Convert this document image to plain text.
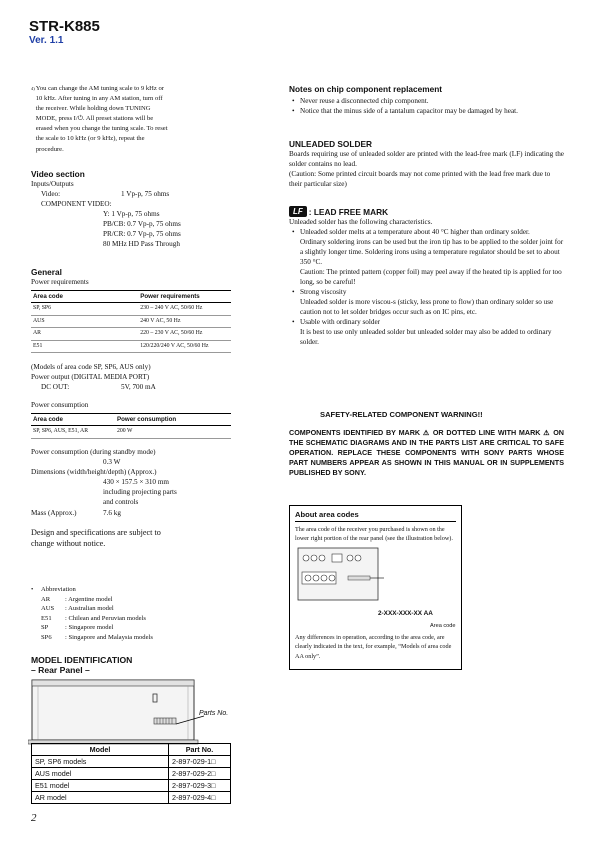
STR-K885
Ver. 1.1
4) You can change the AM tuning scale to 9 kHz or
10 kHz. After tuning in any AM station, turn off
the receiver. While holding down TUNING
MODE, press I/⏻. All preset stations will be
erased when you change the tuning scale. To reset
the scale to 10 kHz (or 9 kHz), repeat the
procedure.
Video section
Inputs/Outputs
Video:	1 Vp-p, 75 ohms
COMPONENT VIDEO:
Y: 1 Vp-p, 75 ohms
PB/CB: 0.7 Vp-p, 75 ohms
PR/CR: 0.7 Vp-p, 75 ohms
80 MHz HD Pass Through
General
Power requirements
Area code	Power requirements
SP, SP6	230 – 240 V AC, 50/60 Hz
AUS	240 V AC, 50 Hz
AR	220 – 230 V AC, 50/60 Hz
E51	120/220/240 V AC, 50/60 Hz
(Models of area code SP, SP6, AUS only)
Power output (DIGITAL MEDIA PORT)
DC OUT:	5V, 700 mA
Power consumption
Area code	Power consumption
SP, SP6, AUS, E51, AR	200 W
Power consumption (during standby mode)
0.3 W
Dimensions (width/height/depth) (Approx.)
430 × 157.5 × 310 mm
including projecting parts
and controls
Mass (Approx.)	7.6 kg
Design and specifications are subject to
change without notice.
• Abbreviation
AR	: Argentine model
AUS	: Australian model
E51	: Chilean and Peruvian models
SP	: Singapore model
SP6	: Singapore and Malaysia models
MODEL IDENTIFICATION
– Rear Panel –
Parts No.
Model	Part No.
SP, SP6 models	2-897-029-1□
AUS model	2-897-029-2□
E51 model	2-897-029-3□
AR model	2-897-029-4□
2
Notes on chip component replacement
• Never reuse a disconnected chip component.
• Notice that the minus side of a tantalum capacitor may be damaged by heat.
UNLEADED SOLDER
Boards requiring use of unleaded solder are printed with the lead-free mark (LF) indicating the solder contains no lead.
(Caution: Some printed circuit boards may not come printed with the lead free mark due to their particular size)
LF : LEAD FREE MARK
Unleaded solder has the following characteristics.
• Unleaded solder melts at a temperature about 40 °C higher than ordinary solder.
Ordinary soldering irons can be used but the iron tip has to be applied to the solder joint for a slightly longer time. Soldering irons using a temperature regulator should be set to about 350 °C.
Caution: The printed pattern (copper foil) may peel away if the heated tip is applied for too long, so be careful!
• Strong viscosity
Unleaded solder is more viscou-s (sticky, less prone to flow) than ordinary solder so use caution not to let solder bridges occur such as on IC pins, etc.
• Usable with ordinary solder
It is best to use only unleaded solder but unleaded solder may also be added to ordinary solder.
SAFETY-RELATED COMPONENT WARNING!!
COMPONENTS IDENTIFIED BY MARK ⚠ OR DOTTED LINE WITH MARK ⚠ ON THE SCHEMATIC DIAGRAMS AND IN THE PARTS LIST ARE CRITICAL TO SAFE OPERATION. REPLACE THESE COMPONENTS WITH SONY PARTS WHOSE PART NUMBERS APPEAR AS SHOWN IN THIS MANUAL OR IN SUPPLEMENTS PUBLISHED BY SONY.
About area codes
The area code of the receiver you purchased is shown on the lower right portion of the rear panel (see the illustration below).
2-XXX-XXX-XX AA
Area code
Any differences in operation, according to the area code, are clearly indicated in the text, for example, “Models of area code AA only”.
